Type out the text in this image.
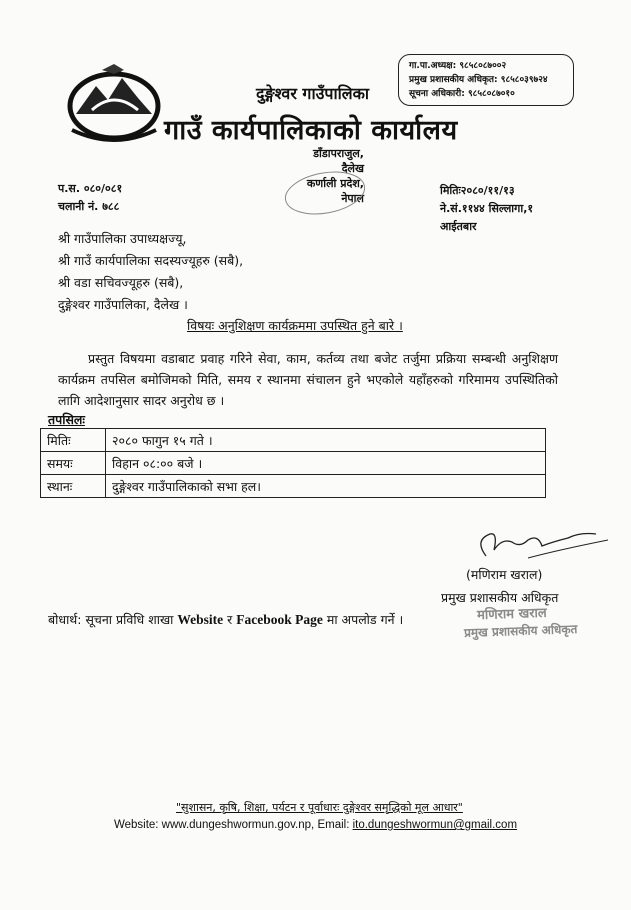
दुङ्गेश्वर गाउँपालिका
गाउँ कार्यपालिकाको कार्यालय
गा.पा.अध्यक्ष: ९८५८०८७००२
प्रमुख प्रशासकीय अधिकृत: ९८५८०३९७२४
सूचना अधिकारी: ९८५८०८७०१०
डाँडापराजुल, दैलेख
कर्णाली प्रदेश, नेपाल
प.स. ०८०/०८१
चलानी नं. ७८८
मितिः२०८०/११/१३
ने.सं.११४४ सिल्लागा,१ आईतबार
श्री गाउँपालिका उपाध्यक्षज्यू,
श्री गाउँ कार्यपालिका सदस्यज्यूहरु (सबै),
श्री वडा सचिवज्यूहरु (सबै),
दुङ्गेश्वर गाउँपालिका, दैलेख ।
विषयः अनुशिक्षण कार्यक्रममा उपस्थित हुने बारे ।
प्रस्तुत विषयमा वडाबाट प्रवाह गरिने सेवा, काम, कर्तव्य तथा बजेट तर्जुमा प्रक्रिया सम्बन्धी अनुशिक्षण कार्यक्रम तपसिल बमोजिमको मिति, समय र स्थानमा संचालन हुने भएकोले यहाँहरुको गरिमामय उपस्थितिको लागि आदेशानुसार सादर अनुरोध छ ।
तपसिलः
मितिः	२०८० फागुन १५ गते ।
समयः	विहान ०८:०० बजे ।
स्थानः	दुङ्गेश्वर गाउँपालिकाको सभा हल।
(मणिराम खराल)
प्रमुख प्रशासकीय अधिकृत
मणिराम खराल
प्रमुख प्रशासकीय अधिकृत
बोधार्थ: सूचना प्रविधि शाखा Website र Facebook Page मा अपलोड गर्ने ।
"सुशासन, कृषि, शिक्षा, पर्यटन र पूर्वाधारः दुङ्गेश्वर समृद्धिको मूल आधार"
Website: www.dungeshwormun.gov.np, Email: ito.dungeshwormun@gmail.com
